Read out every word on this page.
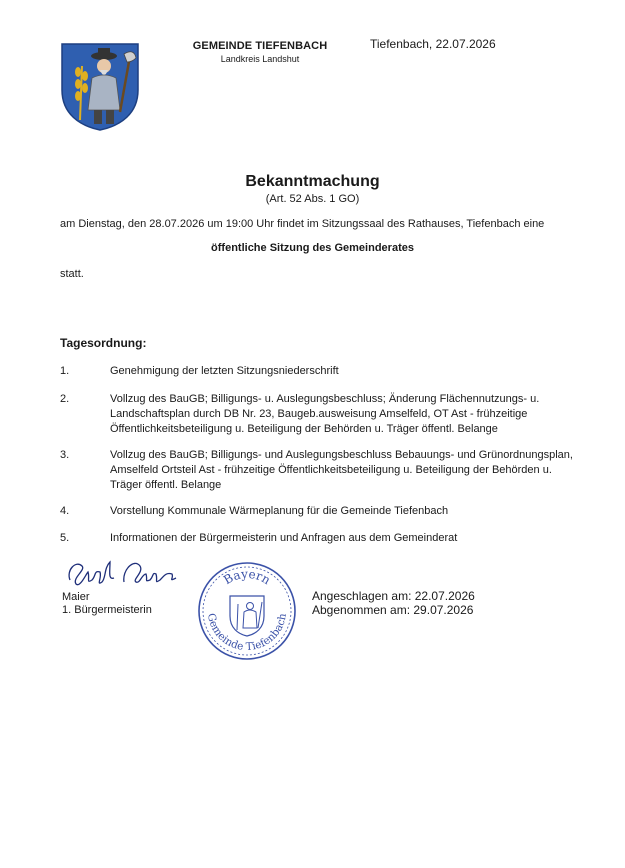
GEMEINDE TIEFENBACH
Landkreis Landshut
Tiefenbach, 22.07.2026
Bekanntmachung
(Art. 52 Abs. 1 GO)
am Dienstag, den 28.07.2026 um 19:00 Uhr findet im Sitzungssaal des Rathauses, Tiefenbach eine
öffentliche Sitzung des Gemeinderates
statt.
Tagesordnung:
1.	Genehmigung der letzten Sitzungsniederschrift
2.	Vollzug des BauGB; Billigungs- u. Auslegungsbeschluss; Änderung Flächennutzungs- u. Landschaftsplan durch DB Nr. 23, Baugeb.ausweisung Amselfeld, OT Ast - frühzeitige Öffentlichkeitsbeteiligung u. Beteiligung der Behörden u. Träger öffentl. Belange
3.	Vollzug des BauGB; Billigungs- und Auslegungsbeschluss Bebauungs- und Grünordnungsplan, Amselfeld Ortsteil Ast - frühzeitige Öffentlichkeitsbeteiligung u. Beteiligung der Behörden u. Träger öffentl. Belange
4.	Vorstellung Kommunale Wärmeplanung für die Gemeinde Tiefenbach
5.	Informationen der Bürgermeisterin und Anfragen aus dem Gemeinderat
Maier
1. Bürgermeisterin
Bayern
Gemeinde Tiefenbach
Angeschlagen am: 22.07.2026
Abgenommen am: 29.07.2026
